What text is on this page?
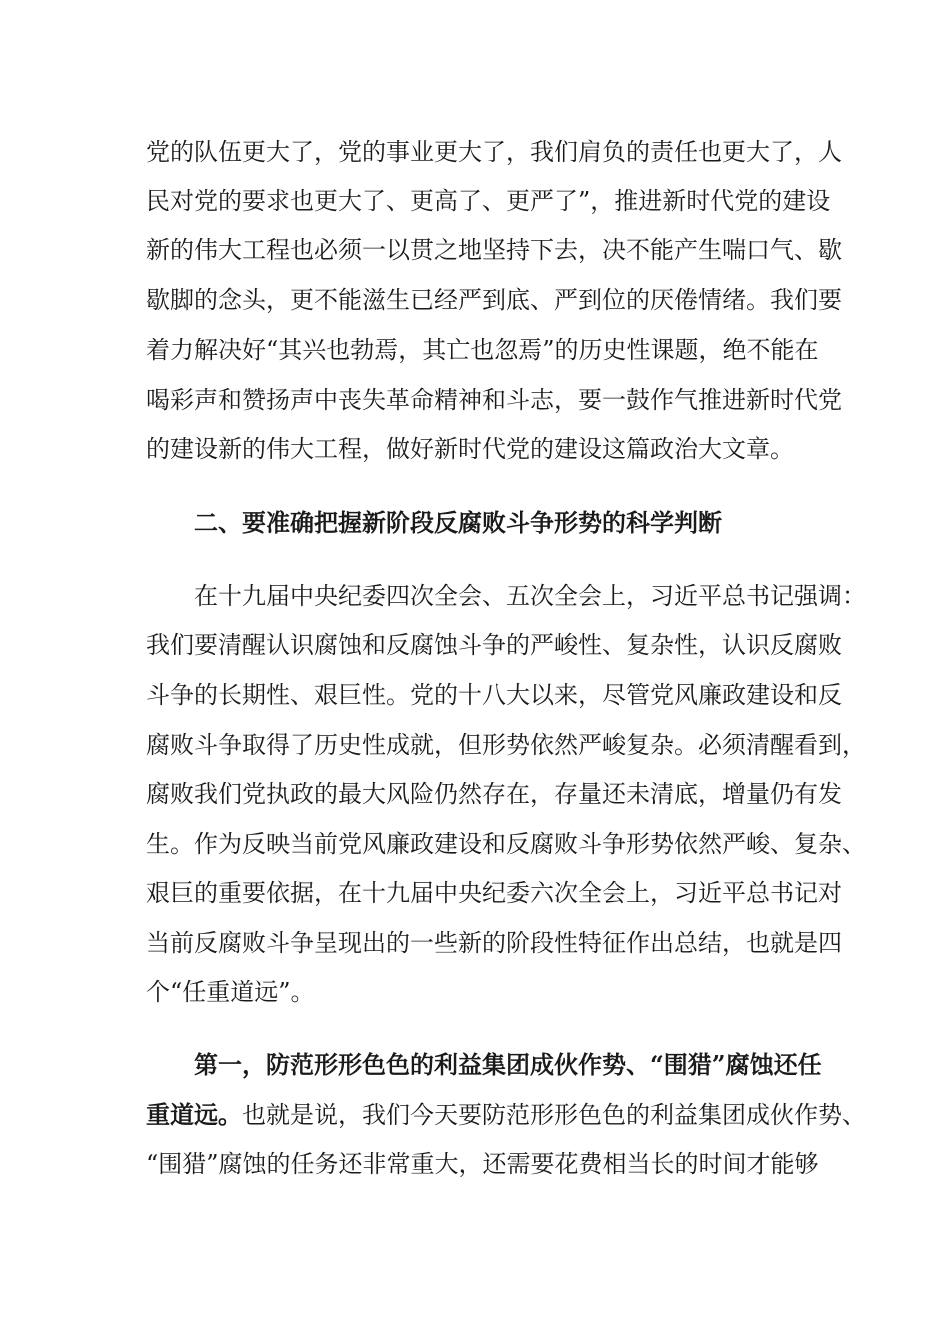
党的队伍更大了，党的事业更大了，我们肩负的责任也更大了，人
民对党的要求也更大了、更高了、更严了”，推进新时代党的建设
新的伟大工程也必须一以贯之地坚持下去，决不能产生喘口气、歇
歇脚的念头，更不能滋生已经严到底、严到位的厌倦情绪。我们要
着力解决好“其兴也勃焉，其亡也忽焉”的历史性课题，绝不能在
喝彩声和赞扬声中丧失革命精神和斗志，要一鼓作气推进新时代党
的建设新的伟大工程，做好新时代党的建设这篇政治大文章。
二、要准确把握新阶段反腐败斗争形势的科学判断
在十九届中央纪委四次全会、五次全会上，习近平总书记强调：
我们要清醒认识腐蚀和反腐蚀斗争的严峻性、复杂性，认识反腐败
斗争的长期性、艰巨性。党的十八大以来，尽管党风廉政建设和反
腐败斗争取得了历史性成就，但形势依然严峻复杂。必须清醒看到，
腐败我们党执政的最大风险仍然存在，存量还未清底，增量仍有发
生。作为反映当前党风廉政建设和反腐败斗争形势依然严峻、复杂、
艰巨的重要依据，在十九届中央纪委六次全会上，习近平总书记对
当前反腐败斗争呈现出的一些新的阶段性特征作出总结，也就是四
个“任重道远”。
第一，防范形形色色的利益集团成伙作势、“围猎”腐蚀还任
重道远。也就是说，我们今天要防范形形色色的利益集团成伙作势、
“围猎”腐蚀的任务还非常重大，还需要花费相当长的时间才能够
